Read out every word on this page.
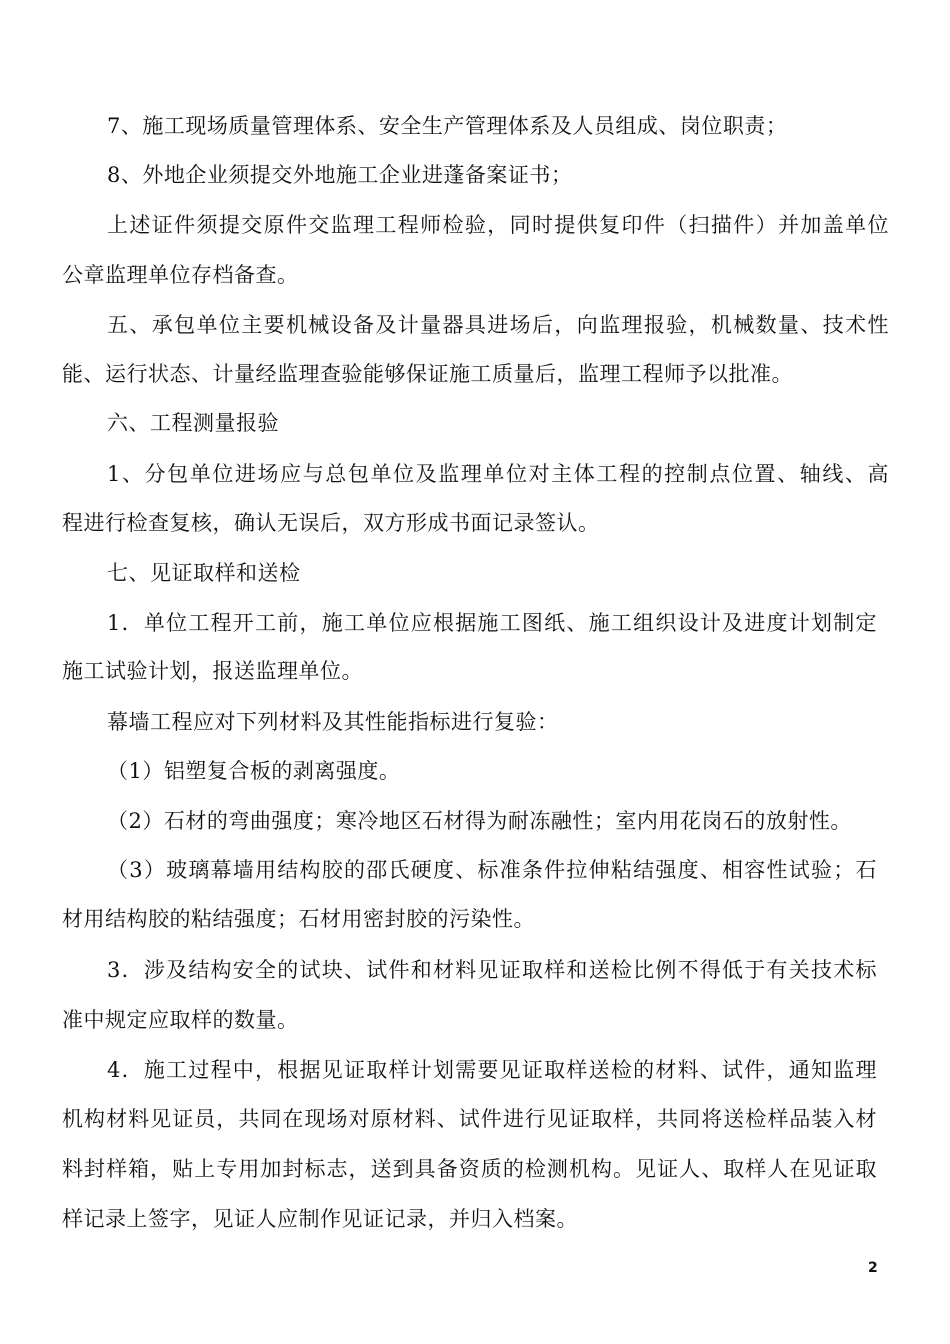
7、施工现场质量管理体系、安全生产管理体系及人员组成、岗位职责；
8、外地企业须提交外地施工企业进蓬备案证书；
上述证件须提交原件交监理工程师检验，同时提供复印件（扫描件）并加盖单位
公章监理单位存档备查。
五、承包单位主要机械设备及计量器具进场后，向监理报验，机械数量、技术性
能、运行状态、计量经监理查验能够保证施工质量后，监理工程师予以批准。
六、工程测量报验
1、分包单位进场应与总包单位及监理单位对主体工程的控制点位置、轴线、高
程进行检查复核，确认无误后，双方形成书面记录签认。
七、见证取样和送检
1．单位工程开工前，施工单位应根据施工图纸、施工组织设计及进度计划制定
施工试验计划，报送监理单位。
幕墙工程应对下列材料及其性能指标进行复验：
（1）铝塑复合板的剥离强度。
（2）石材的弯曲强度；寒冷地区石材得为耐冻融性；室内用花岗石的放射性。
（3）玻璃幕墙用结构胶的邵氏硬度、标准条件拉伸粘结强度、相容性试验；石
材用结构胶的粘结强度；石材用密封胶的污染性。
3．涉及结构安全的试块、试件和材料见证取样和送检比例不得低于有关技术标
准中规定应取样的数量。
4．施工过程中，根据见证取样计划需要见证取样送检的材料、试件，通知监理
机构材料见证员，共同在现场对原材料、试件进行见证取样，共同将送检样品装入材
料封样箱，贴上专用加封标志，送到具备资质的检测机构。见证人、取样人在见证取
样记录上签字，见证人应制作见证记录，并归入档案。
2
